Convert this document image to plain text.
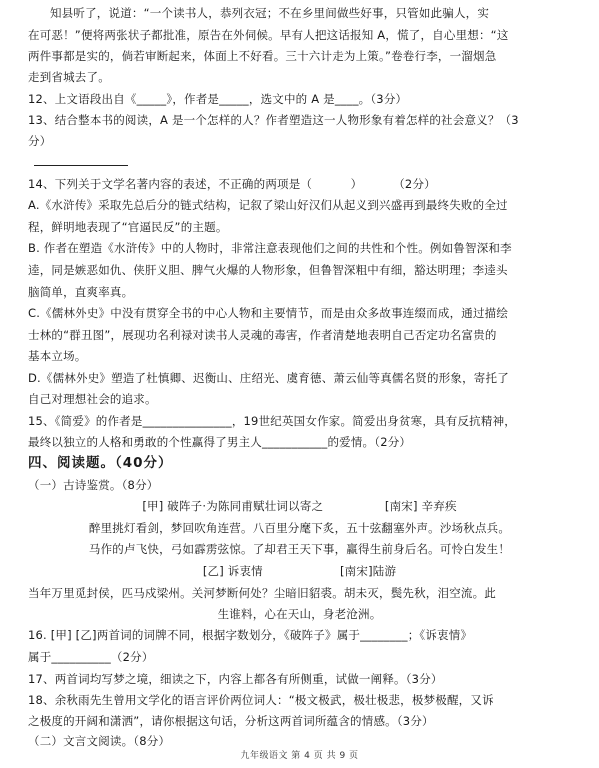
知县听了，说道：“一个读书人，恭列衣冠；不在乡里间做些好事，只管如此骗人，实
在可恶！”便将两张状子都批准，原告在外伺候。早有人把这话报知 A，慌了，自心里想：“这
两件事都是实的，倘若审断起来，体面上不好看。三十六计走为上策。”卷卷行李，一溜烟急
走到省城去了。
12、上文语段出自《_____》，作者是_____，选文中的 A 是____。（3分）
13、结合整本书的阅读，A 是一个怎样的人？作者塑造这一人物形象有着怎样的社会意义？（3
分）
14、下列关于文学名著内容的表述，不正确的两项是（          ）        （2分）
A.《水浒传》采取先总后分的链式结构，记叙了梁山好汉们从起义到兴盛再到最终失败的全过
程，鲜明地表现了“官逼民反”的主题。
B. 作者在塑造《水浒传》中的人物时，非常注意表现他们之间的共性和个性。例如鲁智深和李
逵，同是嫉恶如仇、侠肝义胆、脾气火爆的人物形象，但鲁智深粗中有细，豁达明理；李逵头
脑简单，直爽率真。
C.《儒林外史》中没有贯穿全书的中心人物和主要情节，而是由众多故事连缀而成，通过描绘
士林的“群丑图”，展现功名利禄对读书人灵魂的毒害，作者清楚地表明自己否定功名富贵的
基本立场。
D.《儒林外史》塑造了杜慎卿、迟衡山、庄绍光、虞育德、萧云仙等真儒名贤的形象，寄托了
自己对理想社会的追求。
15、《简爱》的作者是_______________，19世纪英国女作家。简爱出身贫寒，具有反抗精神，
最终以独立的人格和勇敢的个性赢得了男主人___________的爱情。（2分）
四、阅读题。（40分）
（一）古诗鉴赏。（8分）
[甲] 破阵子·为陈同甫赋壮词以寄之                [南宋] 辛弃疾
醉里挑灯看剑，梦回吹角连营。八百里分麾下炙，五十弦翻塞外声。沙场秋点兵。
马作的卢飞快，弓如霹雳弦惊。了却君王天下事，赢得生前身后名。可怜白发生！
[乙] 诉衷情                    [南宋]陆游
当年万里觅封侯，匹马戍梁州。关河梦断何处？尘暗旧貂裘。胡未灭，鬓先秋，泪空流。此
生谁料，心在天山，身老沧洲。
16. [甲] [乙]两首词的词牌不同，根据字数划分，《破阵子》属于________；《诉衷情》
属于__________（2分）
17、两首词均写梦之境，细读之下，内容上都各有所侧重，试做一阐释。（3分）
18、余秋雨先生曾用文学化的语言评价两位词人：“极文极武，极壮极悲，极梦极醒，又诉
之极度的开阔和潇洒”，请你根据这句话，分析这两首词所蕴含的情感。（3分）
（二）文言文阅读。（8分）
九年级语文 第 4 页 共 9 页
